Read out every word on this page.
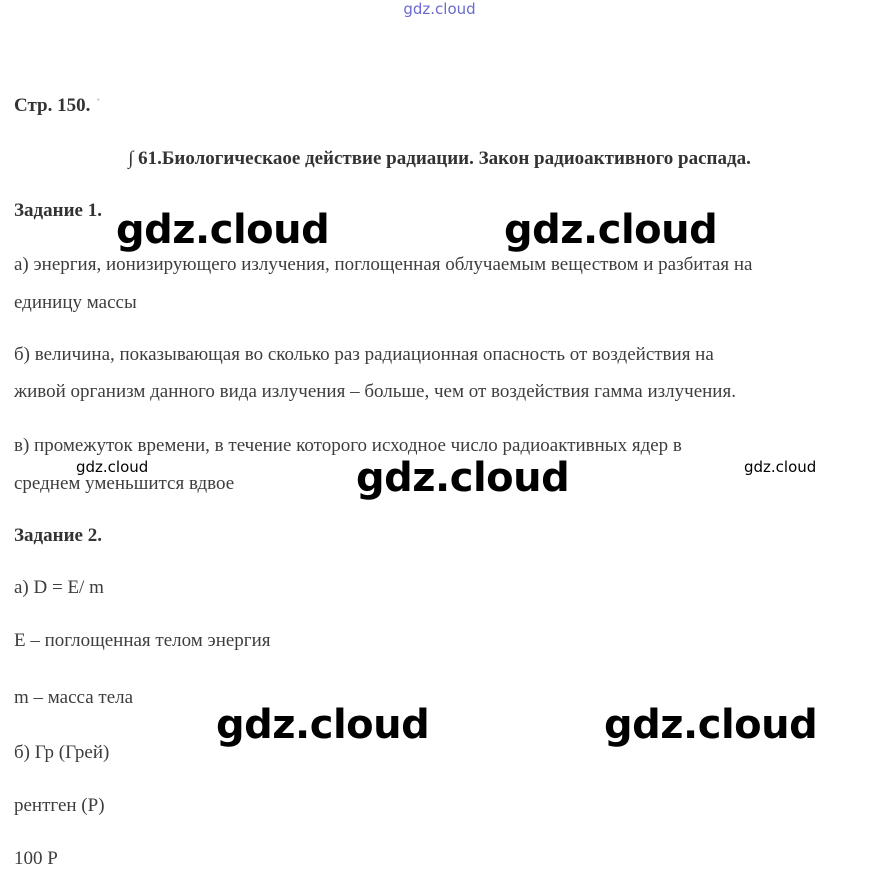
gdz.cloud
Стр. 150. ˙
∫ 61.Биологическаое действие радиации. Закон радиоактивного распада.
Задание 1.
а) энергия, ионизирующего излучения, поглощенная облучаемым веществом и разбитая на
единицу массы
б) величина, показывающая во сколько раз радиационная опасность от воздействия на
живой организм данного вида излучения – больше, чем от воздействия гамма излучения.
в) промежуток времени, в течение которого исходное число радиоактивных ядер в
среднем уменьшится вдвое
Задание 2.
а) D = E/ m
E – поглощенная телом энергия
m – масса тела
б) Гр (Грей)
рентген (Р)
100 Р
gdz.cloud	gdz.cloud
gdz.cloud
gdz.cloud	gdz.cloud
gdz.cloud	gdz.cloud
